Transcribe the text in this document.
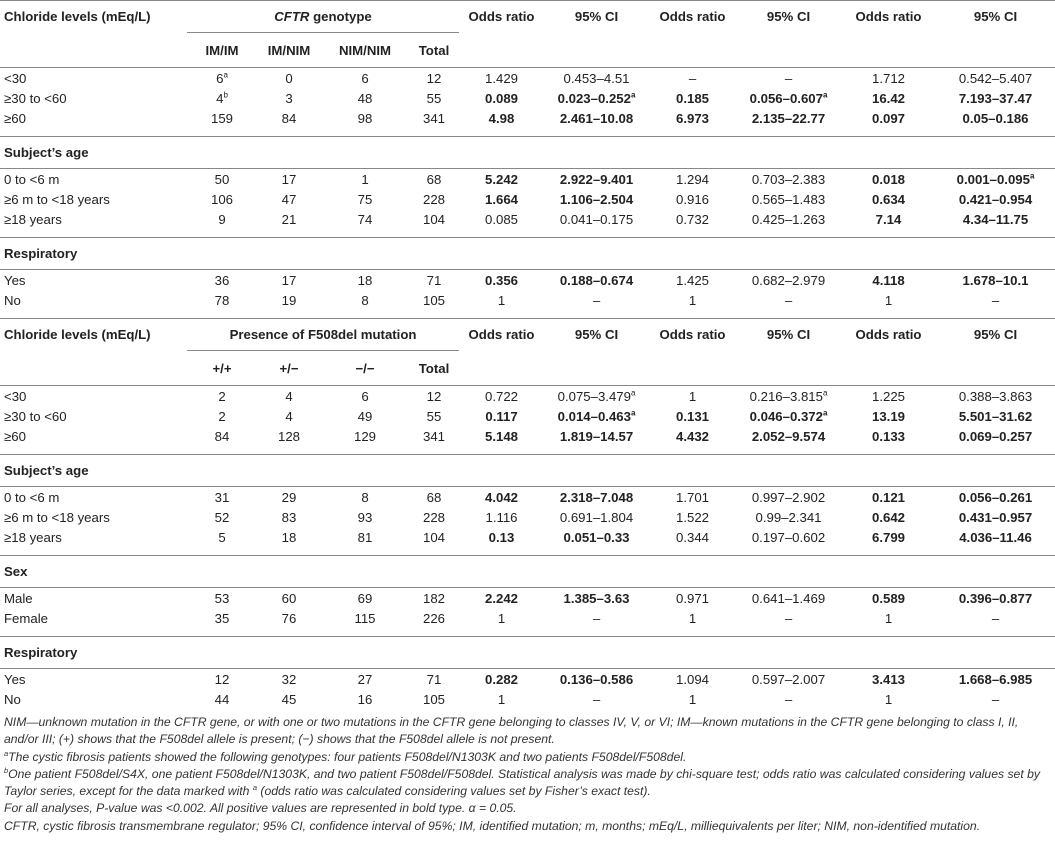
Chloride levels (mEq/L)	CFTR genotype				Odds ratio	95% CI	Odds ratio	95% CI	Odds ratio	95% CI
	IM/IM	IM/NIM	NIM/NIM	Total						
<30	6$^a$	0	6	12	1.429	0.453–4.51	–	–	1.712	0.542–5.407
≥30 to <60	4$^b$	3	48	55	0.089	0.023–0.252$^a$	0.185	0.056–0.607$^a$	16.42	7.193–37.47
≥60	159	84	98	341	4.98	2.461–10.08	6.973	2.135–22.77	0.097	0.05–0.186

Subject’s age										
0 to <6 m	50	17	1	68	5.242	2.922–9.401	1.294	0.703–2.383	0.018	0.001–0.095$^a$
≥6 m to <18 years	106	47	75	228	1.664	1.106–2.504	0.916	0.565–1.483	0.634	0.421–0.954
≥18 years	9	21	74	104	0.085	0.041–0.175	0.732	0.425–1.263	7.14	4.34–11.75

Respiratory										
Yes	36	17	18	71	0.356	0.188–0.674	1.425	0.682–2.979	4.118	1.678–10.1
No	78	19	8	105	1	–	1	–	1	–

Chloride levels (mEq/L)	Presence of F508del mutation				Odds ratio	95% CI	Odds ratio	95% CI	Odds ratio	95% CI
	+/+	+/−	−/−	Total						
<30	2	4	6	12	0.722	0.075–3.479$^a$	1	0.216–3.815$^a$	1.225	0.388–3.863
≥30 to <60	2	4	49	55	0.117	0.014–0.463$^a$	0.131	0.046–0.372$^a$	13.19	5.501–31.62
≥60	84	128	129	341	5.148	1.819–14.57	4.432	2.052–9.574	0.133	0.069–0.257

Subject’s age										
0 to <6 m	31	29	8	68	4.042	2.318–7.048	1.701	0.997–2.902	0.121	0.056–0.261
≥6 m to <18 years	52	83	93	228	1.116	0.691–1.804	1.522	0.99–2.341	0.642	0.431–0.957
≥18 years	5	18	81	104	0.13	0.051–0.33	0.344	0.197–0.602	6.799	4.036–11.46

Sex										
Male	53	60	69	182	2.242	1.385–3.63	0.971	0.641–1.469	0.589	0.396–0.877
Female	35	76	115	226	1	–	1	–	1	–

Respiratory										
Yes	12	32	27	71	0.282	0.136–0.586	1.094	0.597–2.007	3.413	1.668–6.985
No	44	45	16	105	1	–	1	–	1	–

NIM—unknown mutation in the CFTR gene, or with one or two mutations in the CFTR gene belonging to classes IV, V, or VI; IM—known mutations in the CFTR gene belonging to class I, II, and/or III; (+) shows that the F508del allele is present; (−) shows that the F508del allele is not present.

$^a$The cystic fibrosis patients showed the following genotypes: four patients F508del/N1303K and two patients F508del/F508del.

$^b$One patient F508del/S4X, one patient F508del/N1303K, and two patient F508del/F508del. Statistical analysis was made by chi-square test; odds ratio was calculated considering values set by Taylor series, except for the data marked with $^a$ (odds ratio was calculated considering values set by Fisher’s exact test).

For all analyses, P-value was <0.002. All positive values are represented in bold type. α = 0.05.

CFTR, cystic fibrosis transmembrane regulator; 95% CI, confidence interval of 95%; IM, identified mutation; m, months; mEq/L, milliequivalents per liter; NIM, non-identified mutation.
